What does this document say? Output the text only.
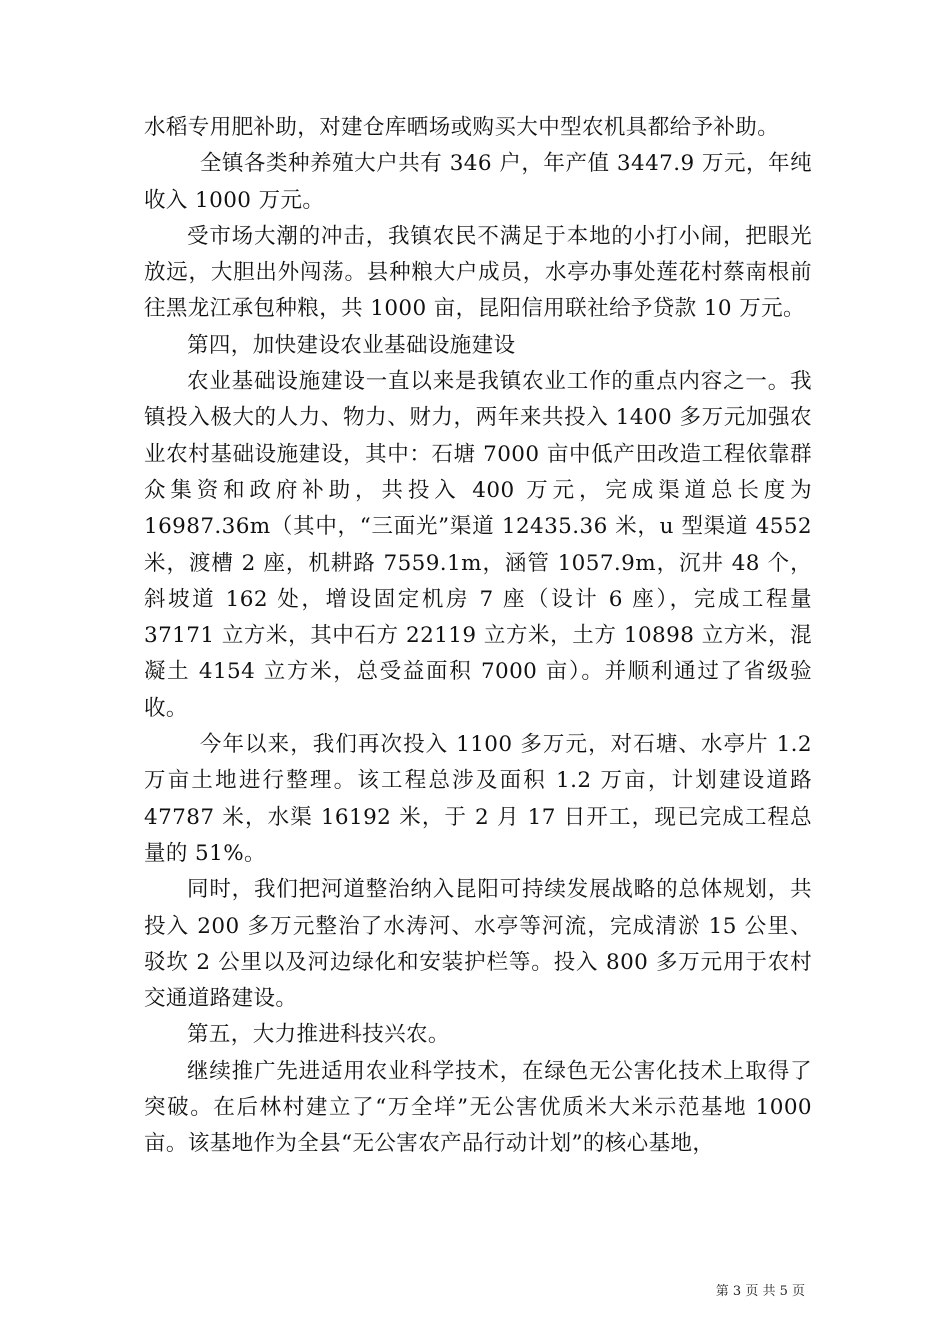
水稻专用肥补助，对建仓库晒场或购买大中型农机具都给予补助。

全镇各类种养殖大户共有 346 户，年产值 3447.9 万元，年纯收入 1000 万元。

受市场大潮的冲击，我镇农民不满足于本地的小打小闹，把眼光放远，大胆出外闯荡。县种粮大户成员，水亭办事处莲花村蔡南根前往黑龙江承包种粮，共 1000 亩，昆阳信用联社给予贷款 10 万元。

第四，加快建设农业基础设施建设

农业基础设施建设一直以来是我镇农业工作的重点内容之一。我镇投入极大的人力、物力、财力，两年来共投入 1400 多万元加强农业农村基础设施建设，其中：石塘 7000 亩中低产田改造工程依靠群众集资和政府补助，共投入 400 万元，完成渠道总长度为 16987.36m（其中，“三面光”渠道 12435.36 米，u 型渠道 4552 米，渡槽 2 座，机耕路 7559.1m，涵管 1057.9m，沉井 48 个，斜坡道 162 处，增设固定机房 7 座（设计 6 座），完成工程量 37171 立方米，其中石方 22119 立方米，土方 10898 立方米，混凝土 4154 立方米，总受益面积 7000 亩）。并顺利通过了省级验收。

今年以来，我们再次投入 1100 多万元，对石塘、水亭片 1.2 万亩土地进行整理。该工程总涉及面积 1.2 万亩，计划建设道路 47787 米，水渠 16192 米，于 2 月 17 日开工，现已完成工程总量的 51%。

同时，我们把河道整治纳入昆阳可持续发展战略的总体规划，共投入 200 多万元整治了水涛河、水亭等河流，完成清淤 15 公里、驳坎 2 公里以及河边绿化和安装护栏等。投入 800 多万元用于农村交通道路建设。

第五，大力推进科技兴农。

继续推广先进适用农业科学技术，在绿色无公害化技术上取得了突破。在后林村建立了“万全垟”无公害优质米大米示范基地 1000 亩。该基地作为全县“无公害农产品行动计划”的核心基地，

第 3 页 共 5 页
